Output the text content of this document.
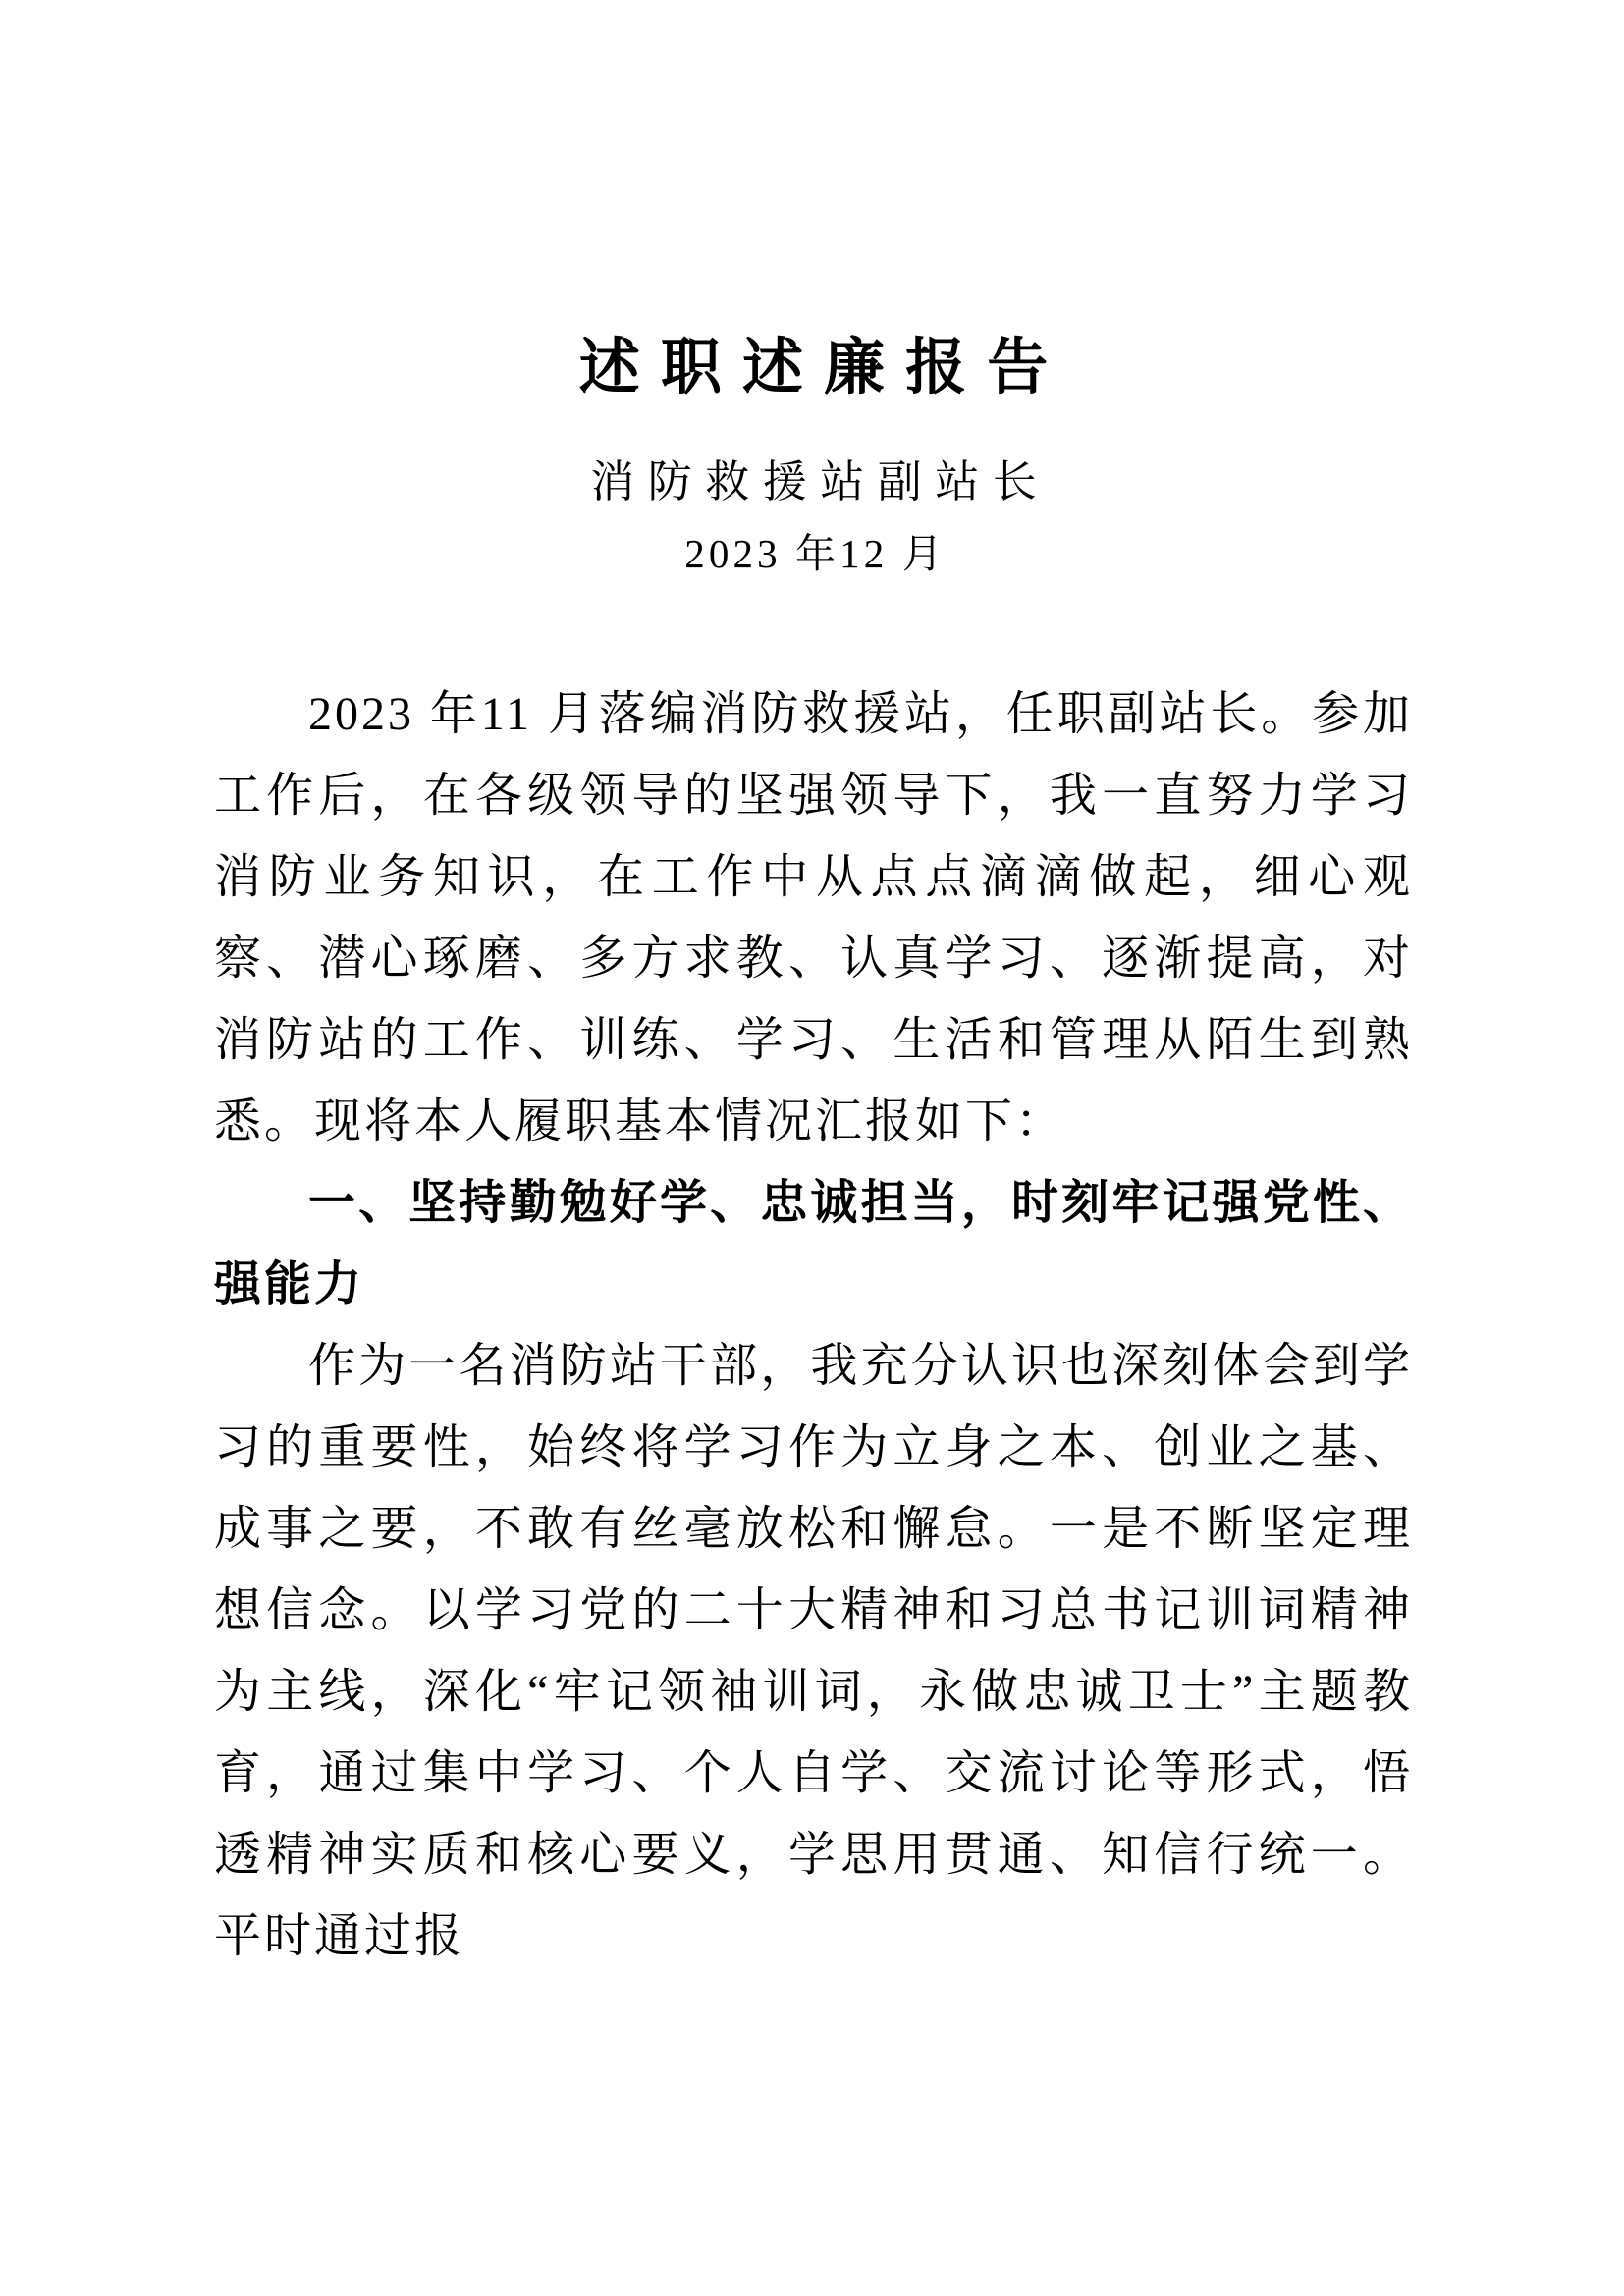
述职述廉报告
消防救援站副站长
2023 年12 月

2023 年11 月落编消防救援站，任职副站长。参加工作后，在各级领导的坚强领导下，我一直努力学习消防业务知识，在工作中从点点滴滴做起，细心观察、潜心琢磨、多方求教、认真学习、逐渐提高，对消防站的工作、训练、学习、生活和管理从陌生到熟悉。现将本人履职基本情况汇报如下：

一、坚持勤勉好学、忠诚担当，时刻牢记强党性、强能力

作为一名消防站干部，我充分认识也深刻体会到学习的重要性，始终将学习作为立身之本、创业之基、成事之要，不敢有丝毫放松和懈怠。一是不断坚定理想信念。以学习党的二十大精神和习总书记训词精神为主线，深化“牢记领袖训词，永做忠诚卫士”主题教育，通过集中学习、个人自学、交流讨论等形式，悟透精神实质和核心要义，学思用贯通、知信行统一。平时通过报
